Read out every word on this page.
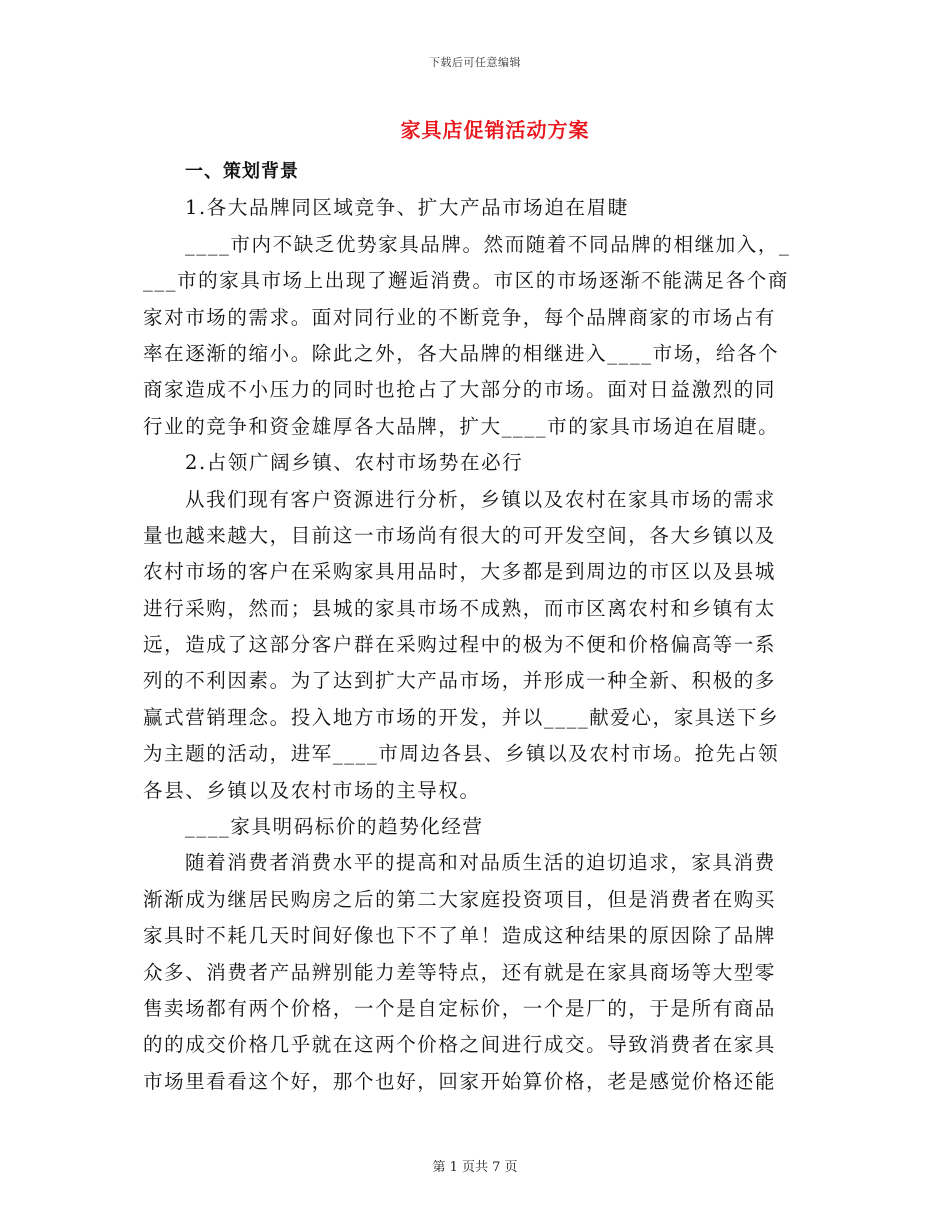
下载后可任意编辑
家具店促销活动方案
一、策划背景
1.各大品牌同区域竞争、扩大产品市场迫在眉睫
____市内不缺乏优势家具品牌。然而随着不同品牌的相继加入，_
___市的家具市场上出现了邂逅消费。市区的市场逐渐不能满足各个商
家对市场的需求。面对同行业的不断竞争，每个品牌商家的市场占有
率在逐渐的缩小。除此之外，各大品牌的相继进入____市场，给各个
商家造成不小压力的同时也抢占了大部分的市场。面对日益激烈的同
行业的竞争和资金雄厚各大品牌，扩大____市的家具市场迫在眉睫。
2.占领广阔乡镇、农村市场势在必行
从我们现有客户资源进行分析，乡镇以及农村在家具市场的需求
量也越来越大，目前这一市场尚有很大的可开发空间，各大乡镇以及
农村市场的客户在采购家具用品时，大多都是到周边的市区以及县城
进行采购，然而；县城的家具市场不成熟，而市区离农村和乡镇有太
远，造成了这部分客户群在采购过程中的极为不便和价格偏高等一系
列的不利因素。为了达到扩大产品市场，并形成一种全新、积极的多
赢式营销理念。投入地方市场的开发，并以____献爱心，家具送下乡
为主题的活动，进军____市周边各县、乡镇以及农村市场。抢先占领
各县、乡镇以及农村市场的主导权。
____家具明码标价的趋势化经营
随着消费者消费水平的提高和对品质生活的迫切追求，家具消费
渐渐成为继居民购房之后的第二大家庭投资项目，但是消费者在购买
家具时不耗几天时间好像也下不了单！造成这种结果的原因除了品牌
众多、消费者产品辨别能力差等特点，还有就是在家具商场等大型零
售卖场都有两个价格，一个是自定标价，一个是厂的，于是所有商品
的的成交价格几乎就在这两个价格之间进行成交。导致消费者在家具
市场里看看这个好，那个也好，回家开始算价格，老是感觉价格还能
第 1 页共 7 页
